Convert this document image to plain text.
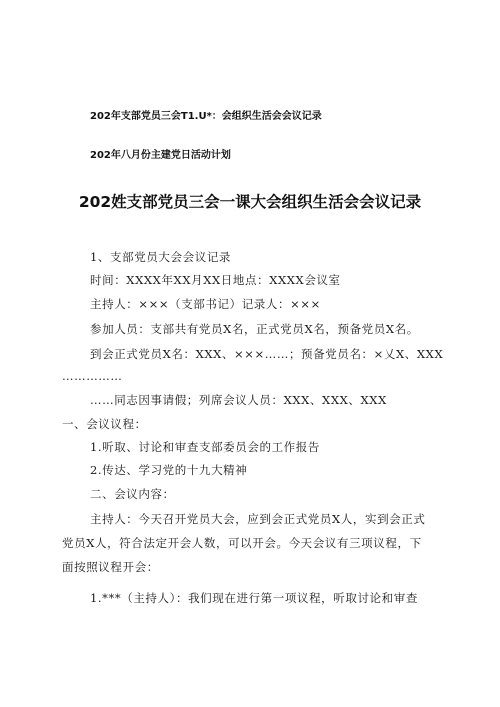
202年支部党员三会T1.U*：会组织生活会会议记录
202年八月份主建党日活动计划
202姓支部党员三会一课大会组织生活会会议记录
1、支部党员大会会议记录
时间：XXXX年XX月XX日地点：XXXX会议室
主持人：×××（支部书记）记录人：×××
参加人员：支部共有党员X名，正式党员X名，预备党员X名。
到会正式党员X名：XXX、×××……；预备党员名：×乂X、XXX
……………
……同志因事请假；列席会议人员：XXX、XXX、XXX
一、会议议程：
1.听取、讨论和审查支部委员会的工作报告
2.传达、学习党的十九大精神
二、会议内容：
主持人：今天召开党员大会，应到会正式党员X人，实到会正式
党员X人，符合法定开会人数，可以开会。今天会议有三项议程，下
面按照议程开会：
1.***（主持人）：我们现在进行第一项议程，听取讨论和审查
